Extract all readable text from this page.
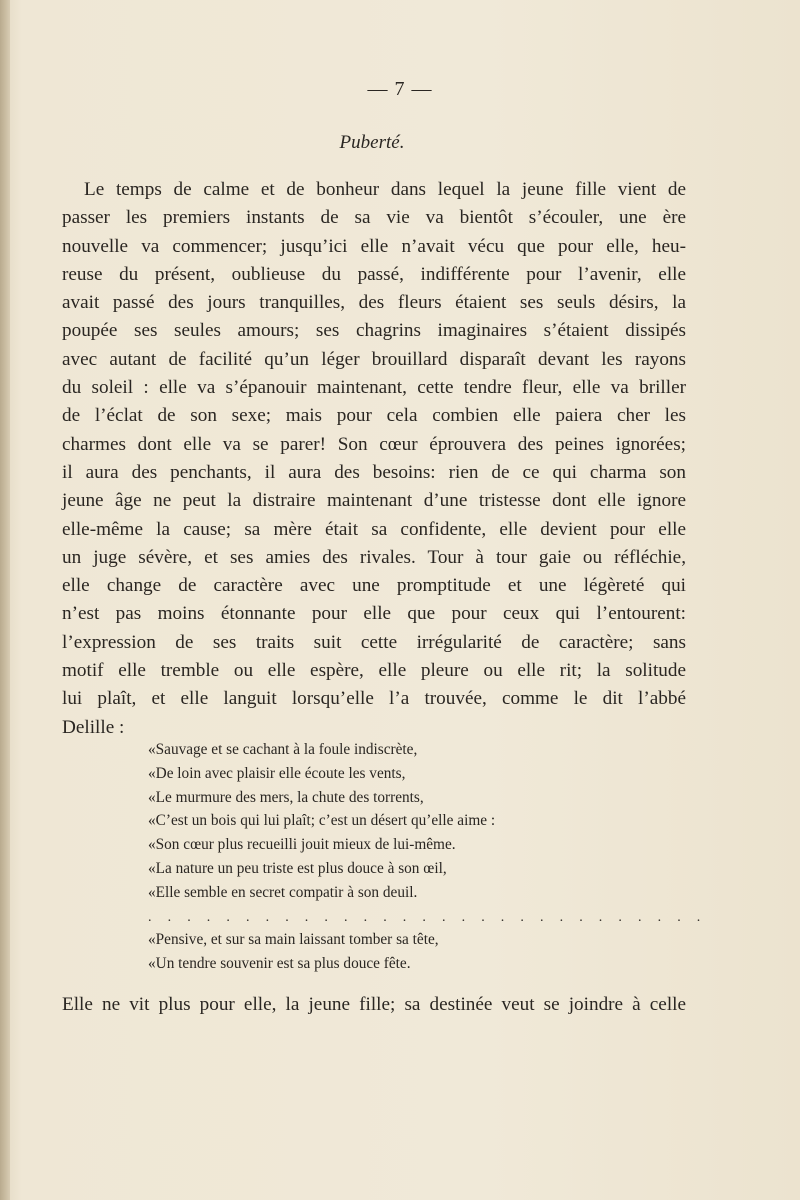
— 7 —
Puberté.
Le temps de calme et de bonheur dans lequel la jeune fille vient de
passer les premiers instants de sa vie va bientôt s’écouler, une ère
nouvelle va commencer; jusqu’ici elle n’avait vécu que pour elle, heu-
reuse du présent, oublieuse du passé, indifférente pour l’avenir, elle
avait passé des jours tranquilles, des fleurs étaient ses seuls désirs, la
poupée ses seules amours; ses chagrins imaginaires s’étaient dissipés
avec autant de facilité qu’un léger brouillard disparaît devant les rayons
du soleil : elle va s’épanouir maintenant, cette tendre fleur, elle va briller
de l’éclat de son sexe; mais pour cela combien elle paiera cher les
charmes dont elle va se parer! Son cœur éprouvera des peines ignorées;
il aura des penchants, il aura des besoins: rien de ce qui charma son
jeune âge ne peut la distraire maintenant d’une tristesse dont elle ignore
elle-même la cause; sa mère était sa confidente, elle devient pour elle
un juge sévère, et ses amies des rivales. Tour à tour gaie ou réfléchie,
elle change de caractère avec une promptitude et une légèreté qui
n’est pas moins étonnante pour elle que pour ceux qui l’entourent:
l’expression de ses traits suit cette irrégularité de caractère; sans
motif elle tremble ou elle espère, elle pleure ou elle rit; la solitude
lui plaît, et elle languit lorsqu’elle l’a trouvée, comme le dit l’abbé
Delille :
«Sauvage et se cachant à la foule indiscrète,
«De loin avec plaisir elle écoute les vents,
«Le murmure des mers, la chute des torrents,
«C’est un bois qui lui plaît; c’est un désert qu’elle aime :
«Son cœur plus recueilli jouit mieux de lui-même.
«La nature un peu triste est plus douce à son œil,
«Elle semble en secret compatir à son deuil.
. . . . . . . . . . . . . . . . . . . . . . . . . . . . .
«Pensive, et sur sa main laissant tomber sa tête,
«Un tendre souvenir est sa plus douce fête.
Elle ne vit plus pour elle, la jeune fille; sa destinée veut se joindre à celle
